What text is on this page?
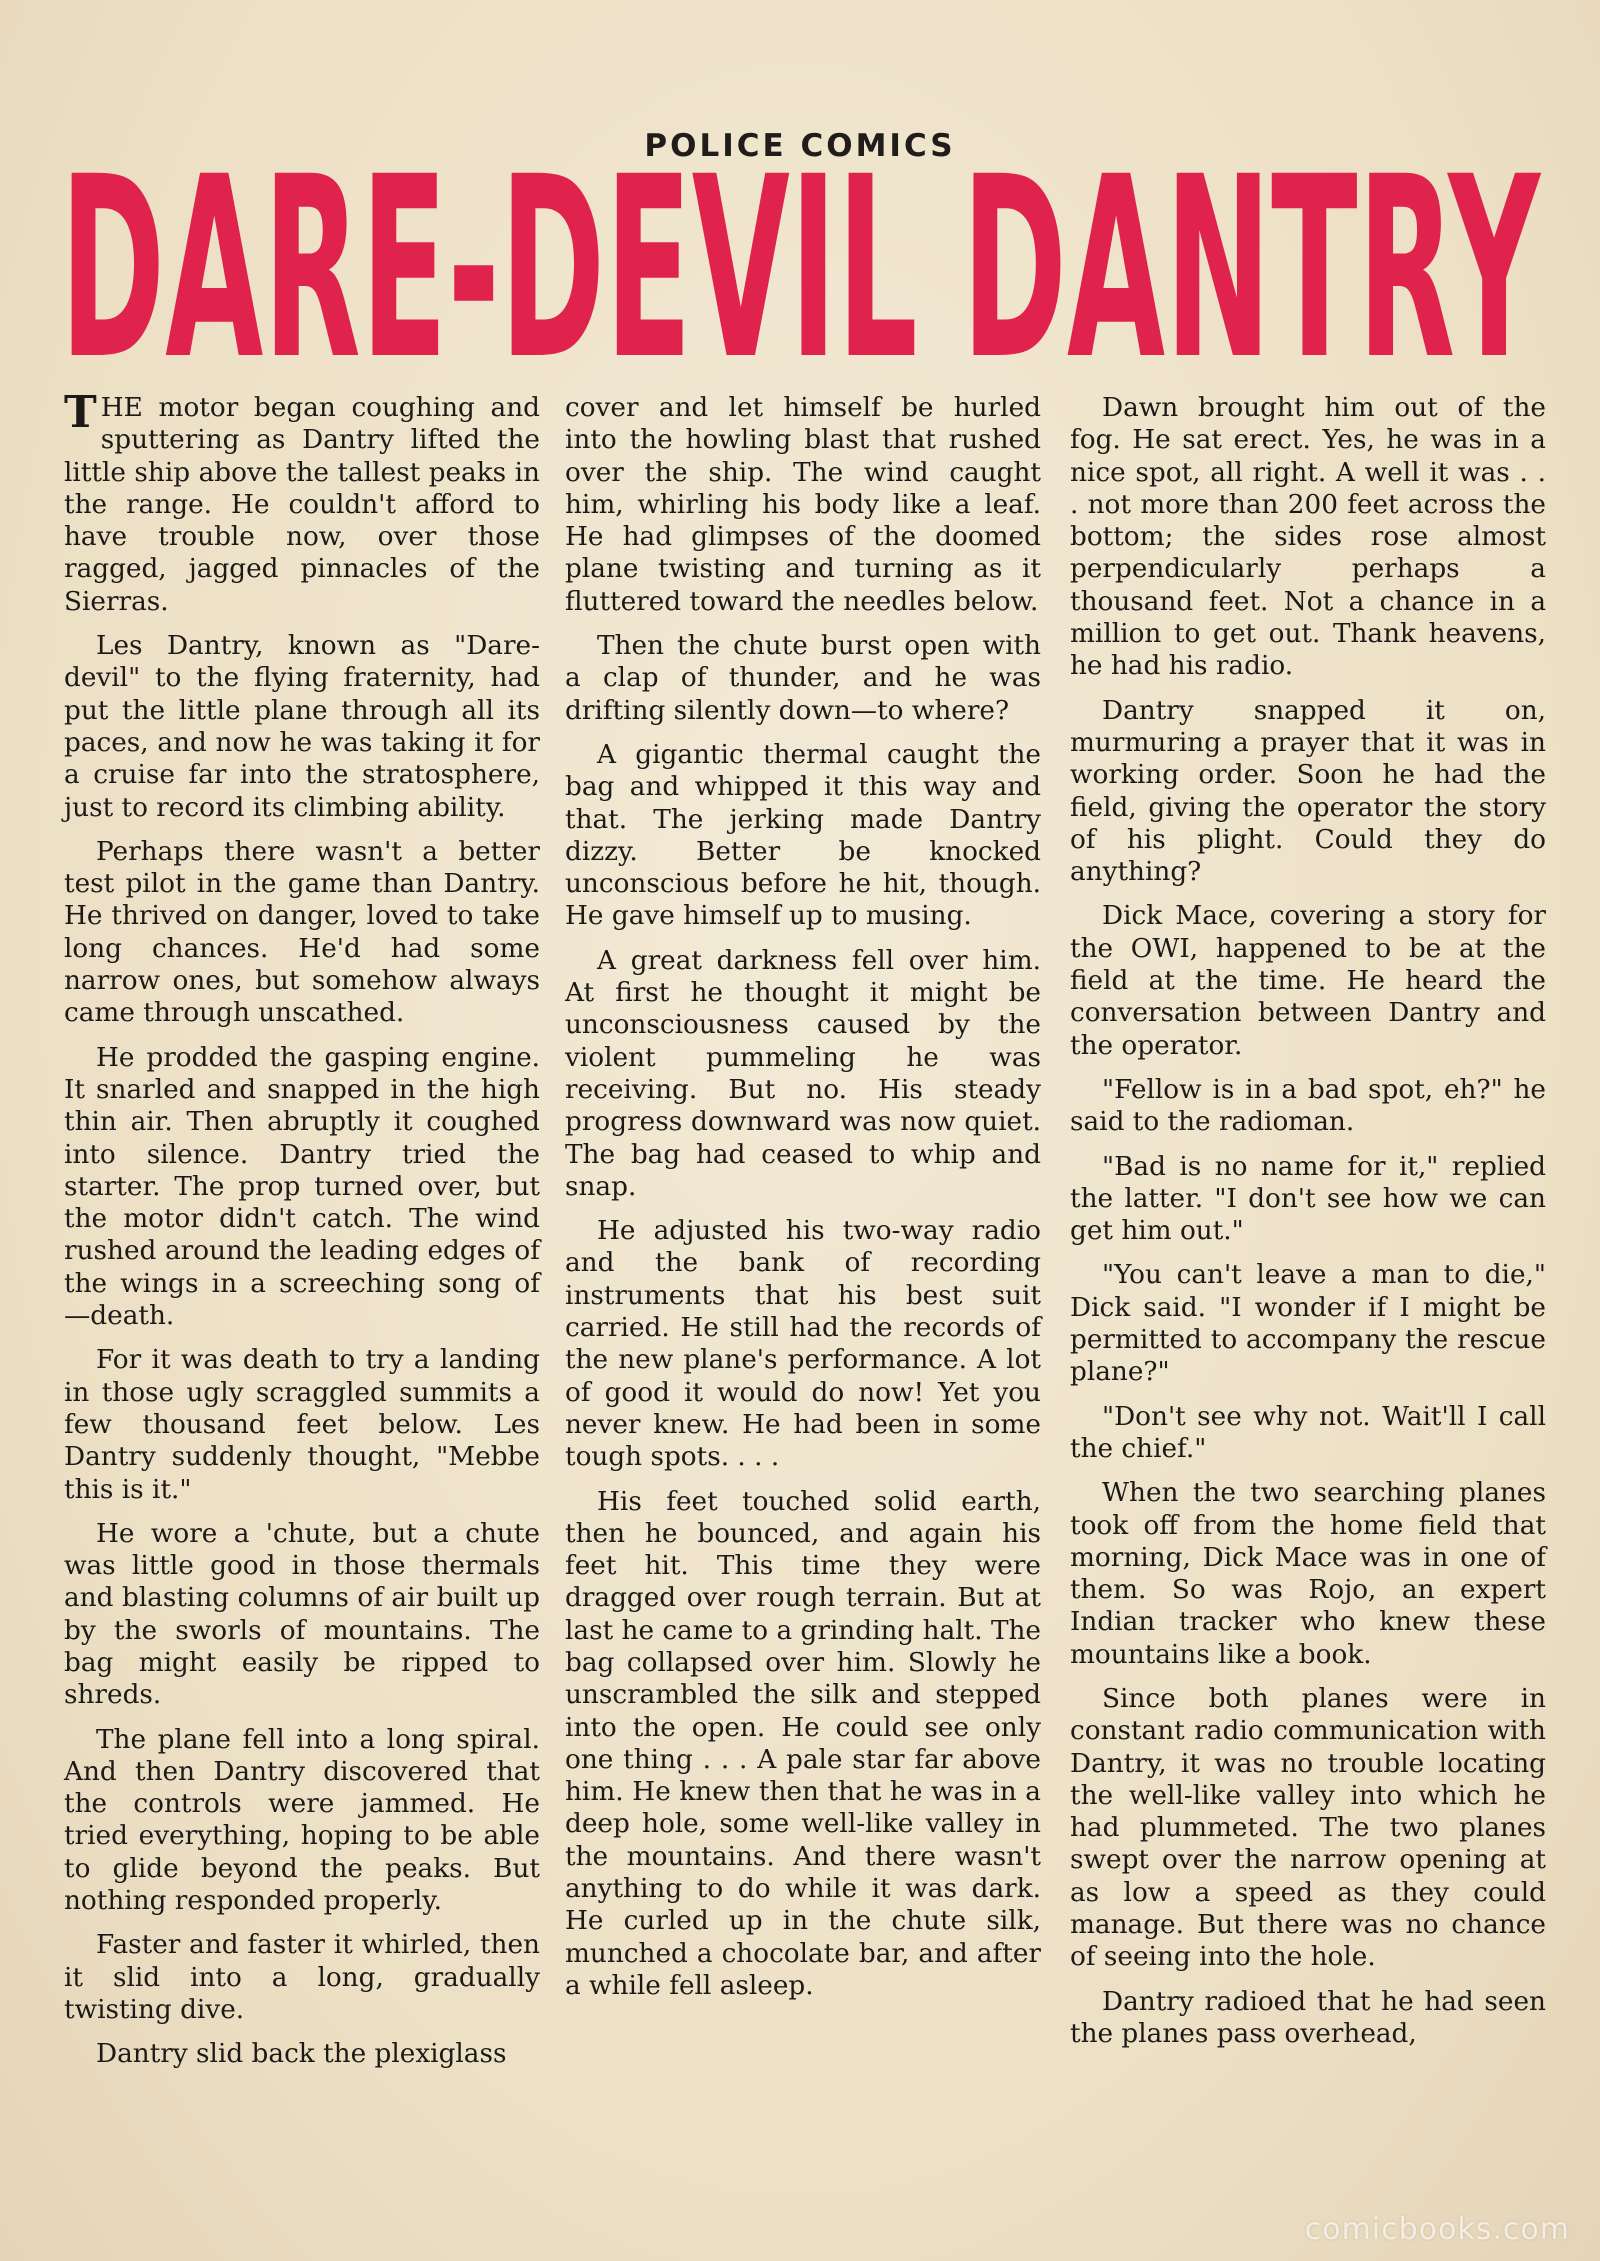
POLICE COMICS
DARE-DEVIL DANTRY

THE motor began coughing and sputtering as Dantry lifted the little ship above the tallest peaks in the range. He couldn't afford to have trouble now, over those ragged, jagged pinnacles of the Sierras.

Les Dantry, known as "Dare-devil" to the flying fraternity, had put the little plane through all its paces, and now he was taking it for a cruise far into the stratosphere, just to record its climbing ability.

Perhaps there wasn't a better test pilot in the game than Dantry. He thrived on danger, loved to take long chances. He'd had some narrow ones, but somehow always came through unscathed.

He prodded the gasping engine. It snarled and snapped in the high thin air. Then abruptly it coughed into silence. Dantry tried the starter. The prop turned over, but the motor didn't catch. The wind rushed around the leading edges of the wings in a screeching song of —death.

For it was death to try a landing in those ugly scraggled summits a few thousand feet below. Les Dantry suddenly thought, "Mebbe this is it."

He wore a 'chute, but a chute was little good in those thermals and blasting columns of air built up by the sworls of mountains. The bag might easily be ripped to shreds.

The plane fell into a long spiral. And then Dantry discovered that the controls were jammed. He tried everything, hoping to be able to glide beyond the peaks. But nothing responded properly.

Faster and faster it whirled, then it slid into a long, gradually twisting dive.

Dantry slid back the plexiglass

cover and let himself be hurled into the howling blast that rushed over the ship. The wind caught him, whirling his body like a leaf. He had glimpses of the doomed plane twisting and turning as it fluttered toward the needles below.

Then the chute burst open with a clap of thunder, and he was drifting silently down—to where?

A gigantic thermal caught the bag and whipped it this way and that. The jerking made Dantry dizzy. Better be knocked unconscious before he hit, though. He gave himself up to musing.

A great darkness fell over him. At first he thought it might be unconsciousness caused by the violent pummeling he was receiving. But no. His steady progress downward was now quiet. The bag had ceased to whip and snap.

He adjusted his two-way radio and the bank of recording instruments that his best suit carried. He still had the records of the new plane's performance. A lot of good it would do now! Yet you never knew. He had been in some tough spots. . . .

His feet touched solid earth, then he bounced, and again his feet hit. This time they were dragged over rough terrain. But at last he came to a grinding halt. The bag collapsed over him. Slowly he unscrambled the silk and stepped into the open. He could see only one thing . . . A pale star far above him. He knew then that he was in a deep hole, some well-like valley in the mountains. And there wasn't anything to do while it was dark. He curled up in the chute silk, munched a chocolate bar, and after a while fell asleep.

Dawn brought him out of the fog. He sat erect. Yes, he was in a nice spot, all right. A well it was . . . not more than 200 feet across the bottom; the sides rose almost perpendicularly perhaps a thousand feet. Not a chance in a million to get out. Thank heavens, he had his radio.

Dantry snapped it on, murmuring a prayer that it was in working order. Soon he had the field, giving the operator the story of his plight. Could they do anything?

Dick Mace, covering a story for the OWI, happened to be at the field at the time. He heard the conversation between Dantry and the operator.

"Fellow is in a bad spot, eh?" he said to the radioman.

"Bad is no name for it," replied the latter. "I don't see how we can get him out."

"You can't leave a man to die," Dick said. "I wonder if I might be permitted to accompany the rescue plane?"

"Don't see why not. Wait'll I call the chief."

When the two searching planes took off from the home field that morning, Dick Mace was in one of them. So was Rojo, an expert Indian tracker who knew these mountains like a book.

Since both planes were in constant radio communication with Dantry, it was no trouble locating the well-like valley into which he had plummeted. The two planes swept over the narrow opening at as low a speed as they could manage. But there was no chance of seeing into the hole.

Dantry radioed that he had seen the planes pass overhead,

comicbooks.com
